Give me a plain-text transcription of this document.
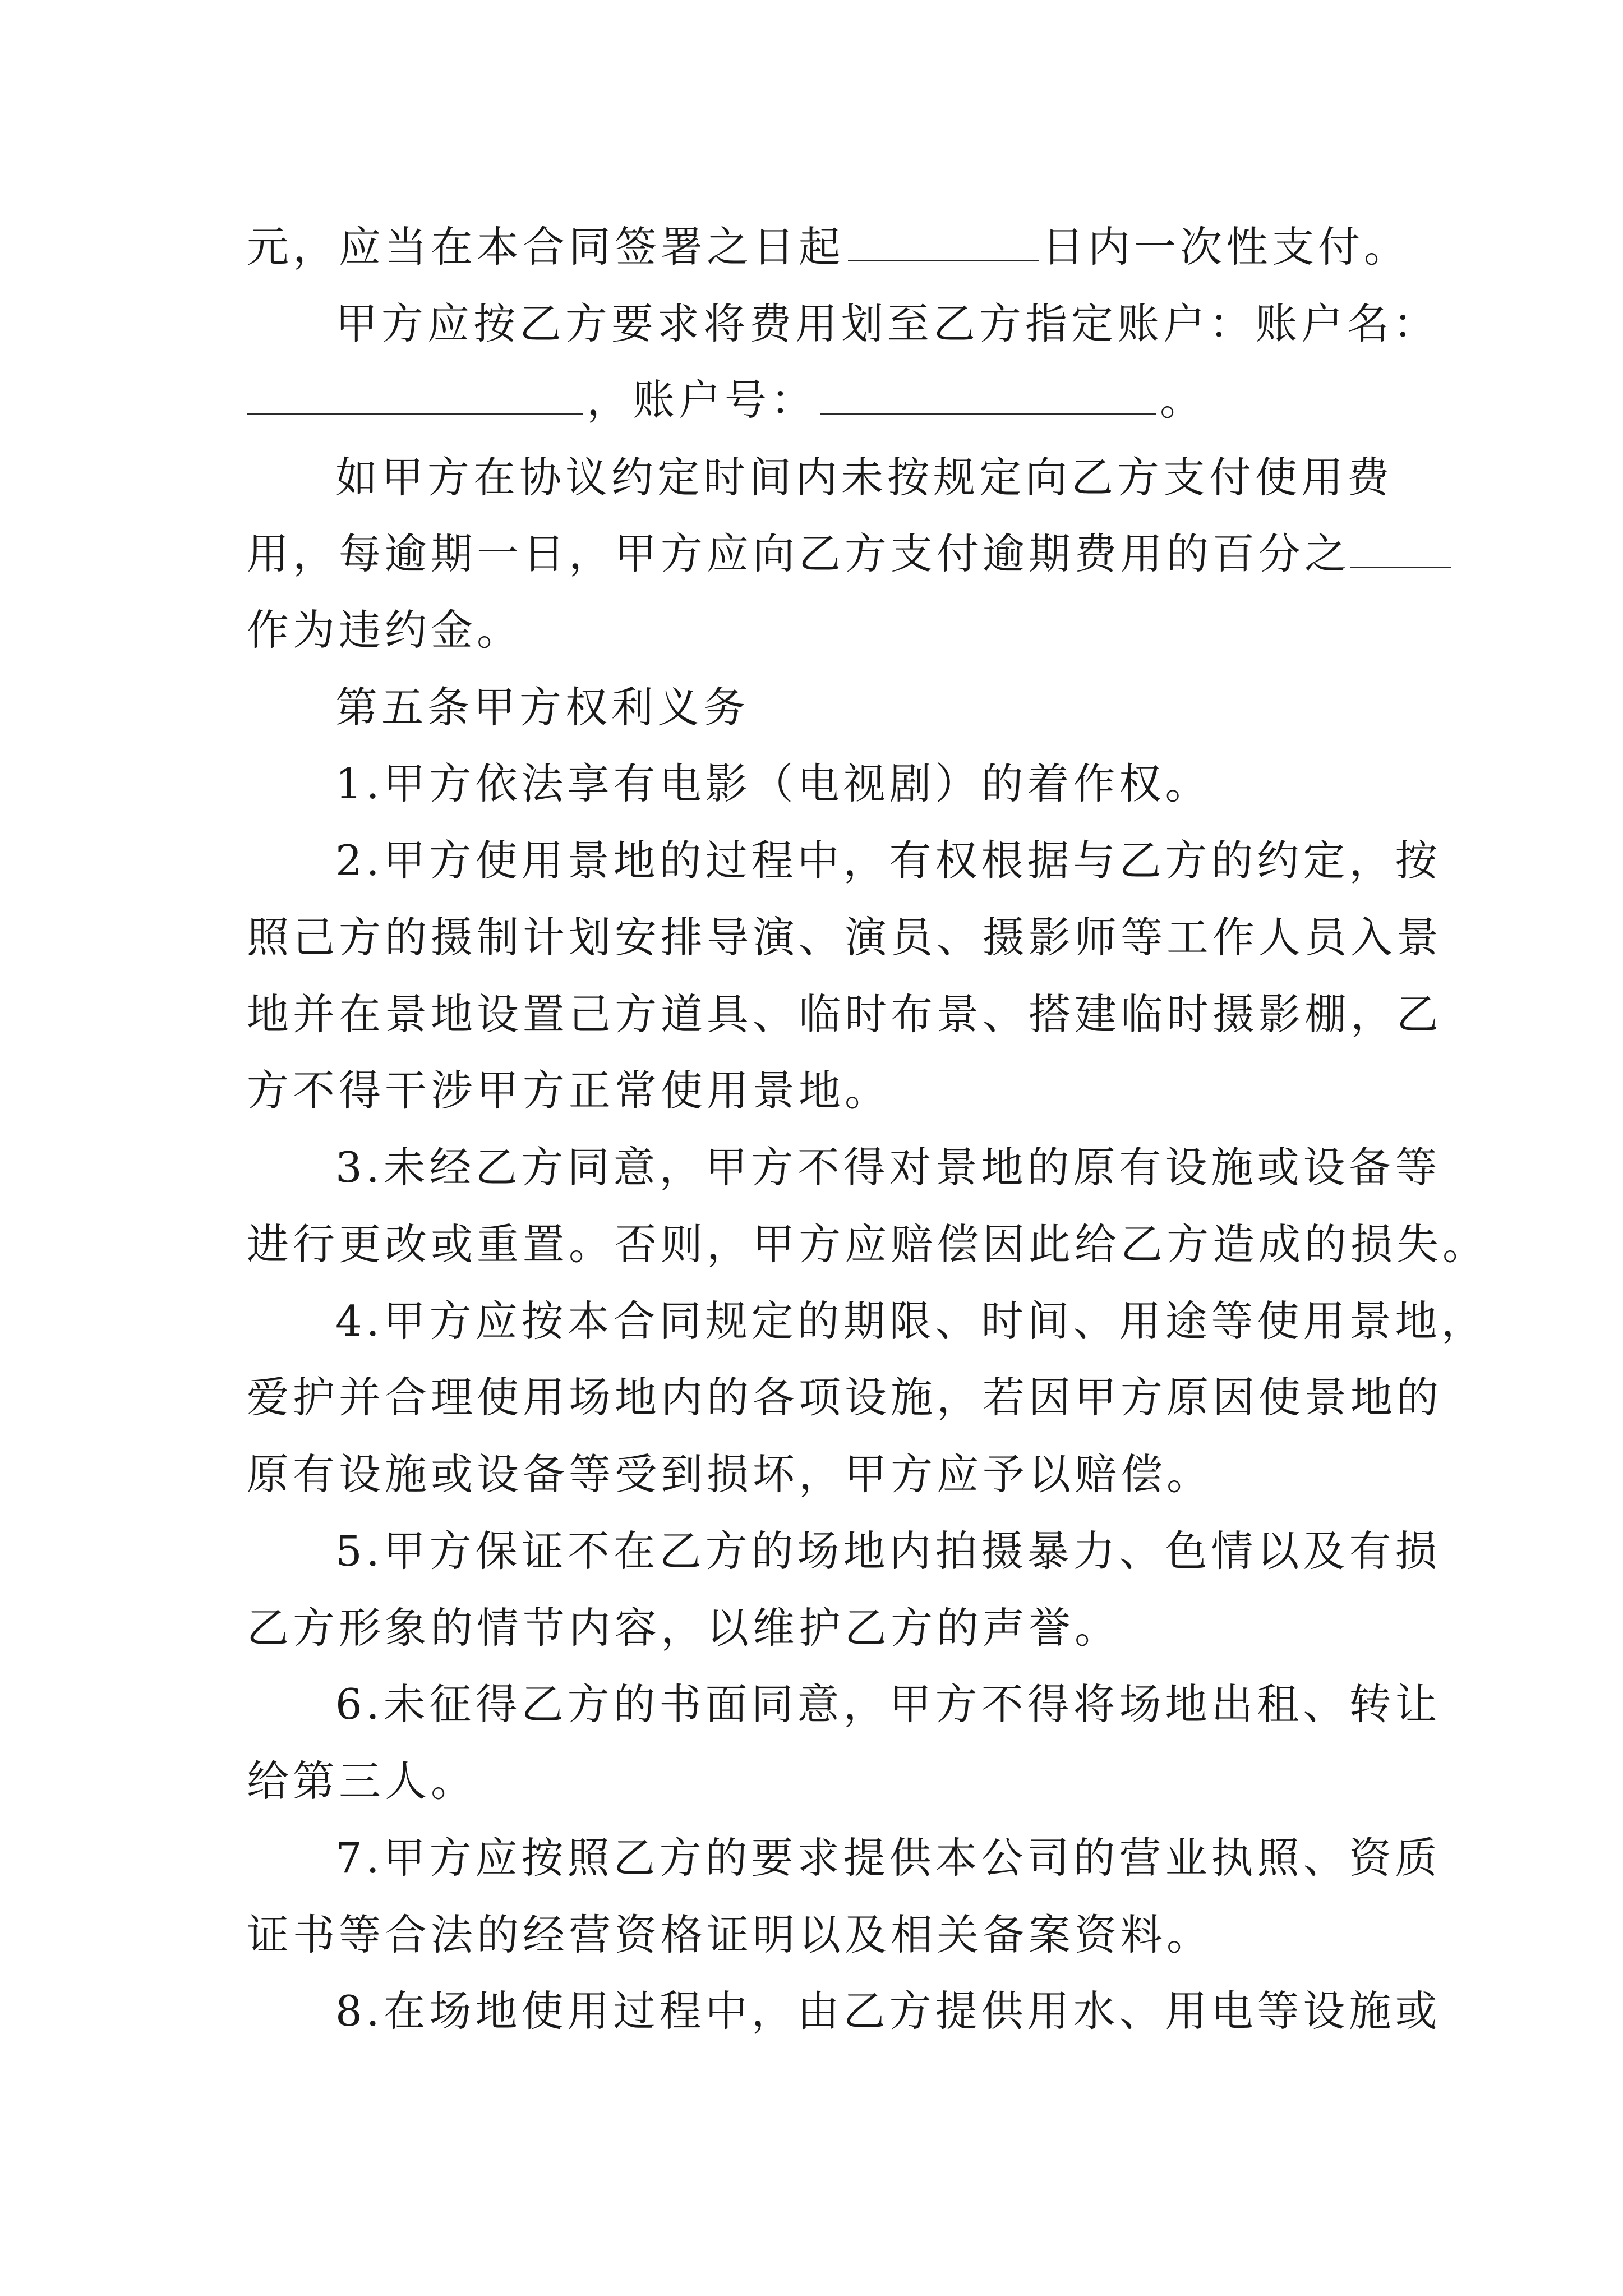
元，应当在本合同签署之日起	日内一次性支付。
甲方应按乙方要求将费用划至乙方指定账户：账户名：
，账户号：	。
如甲方在协议约定时间内未按规定向乙方支付使用费
用，每逾期一日，甲方应向乙方支付逾期费用的百分之
作为违约金。
第五条甲方权利义务
1.甲方依法享有电影（电视剧）的着作权。
2.甲方使用景地的过程中，有权根据与乙方的约定，按
照己方的摄制计划安排导演、演员、摄影师等工作人员入景
地并在景地设置己方道具、临时布景、搭建临时摄影棚，乙
方不得干涉甲方正常使用景地。
3.未经乙方同意，甲方不得对景地的原有设施或设备等
进行更改或重置。否则，甲方应赔偿因此给乙方造成的损失。
4.甲方应按本合同规定的期限、时间、用途等使用景地，
爱护并合理使用场地内的各项设施，若因甲方原因使景地的
原有设施或设备等受到损坏，甲方应予以赔偿。
5.甲方保证不在乙方的场地内拍摄暴力、色情以及有损
乙方形象的情节内容，以维护乙方的声誉。
6.未征得乙方的书面同意，甲方不得将场地出租、转让
给第三人。
7.甲方应按照乙方的要求提供本公司的营业执照、资质
证书等合法的经营资格证明以及相关备案资料。
8.在场地使用过程中，由乙方提供用水、用电等设施或
